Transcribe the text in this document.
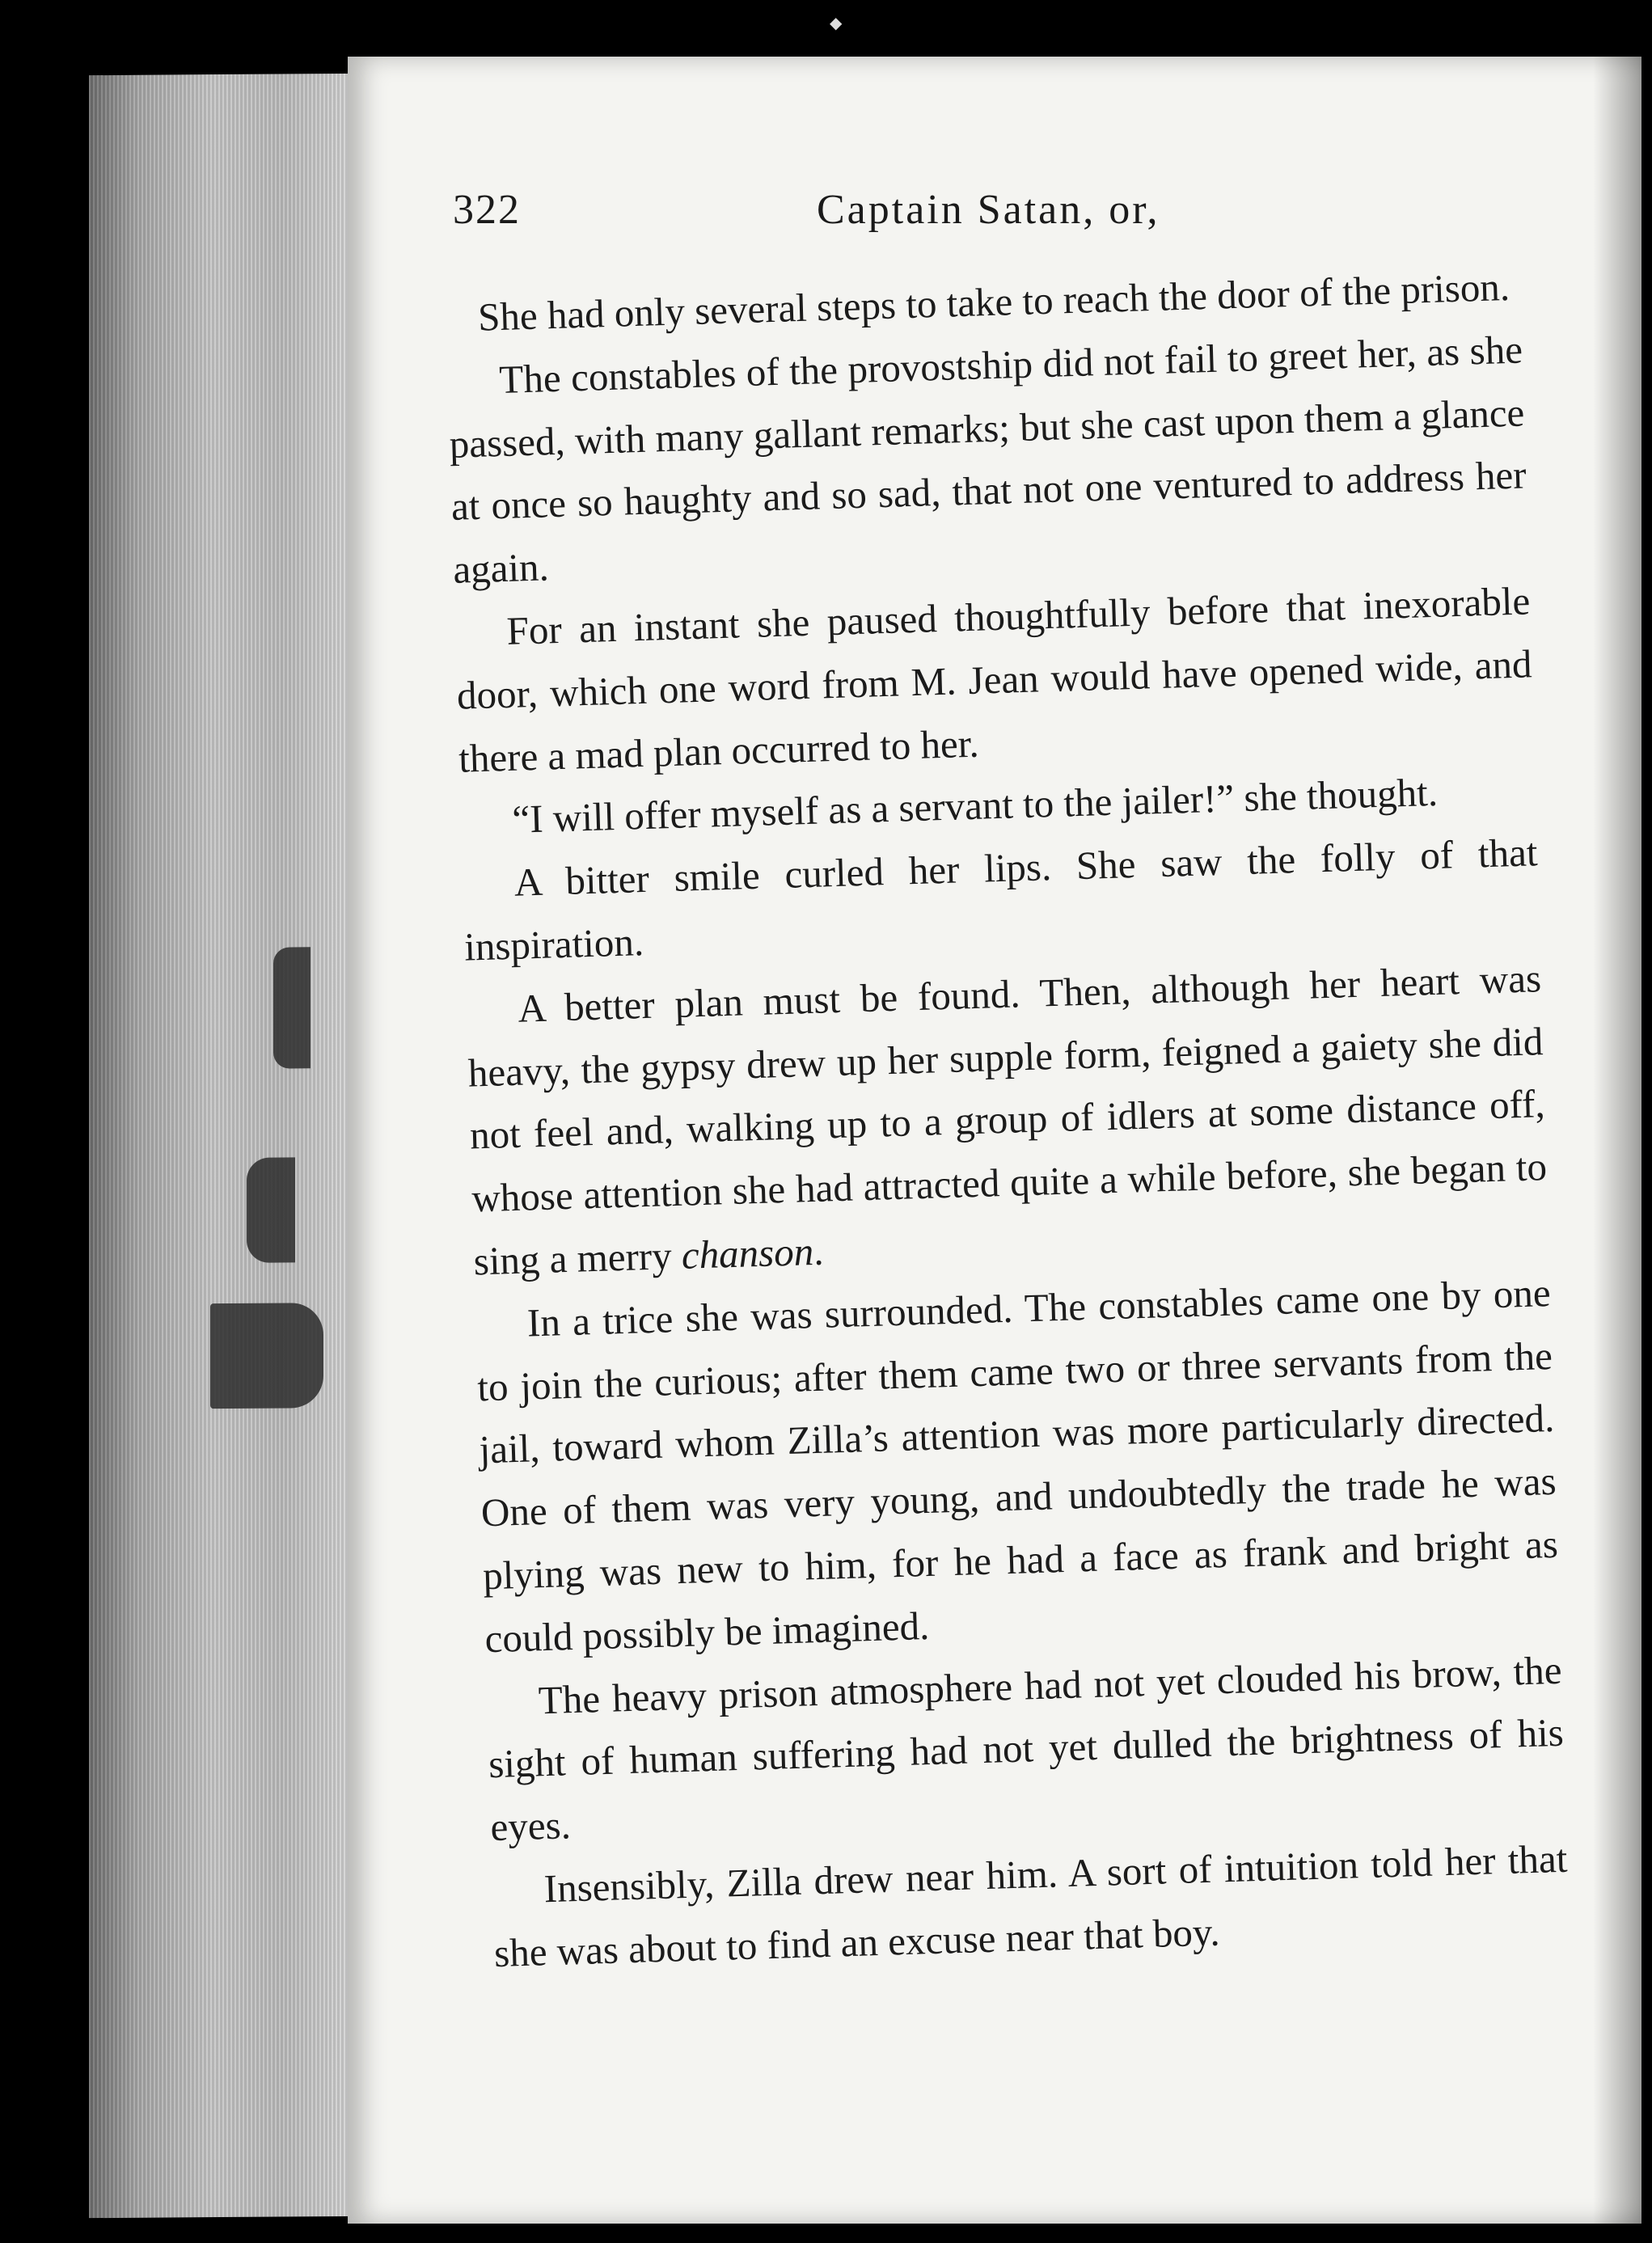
◆
322	Captain Satan, or,

She had only several steps to take to reach the door of the prison.

The constables of the provostship did not fail to greet her, as she passed, with many gallant remarks; but she cast upon them a glance at once so haughty and so sad, that not one ventured to address her again.

For an instant she paused thoughtfully before that inexorable door, which one word from M. Jean would have opened wide, and there a mad plan occurred to her.

“I will offer myself as a servant to the jailer!” she thought.

A bitter smile curled her lips. She saw the folly of that inspiration.

A better plan must be found. Then, although her heart was heavy, the gypsy drew up her supple form, feigned a gaiety she did not feel and, walking up to a group of idlers at some distance off, whose attention she had attracted quite a while before, she began to sing a merry chanson.

In a trice she was surrounded. The constables came one by one to join the curious; after them came two or three servants from the jail, toward whom Zilla’s attention was more particularly directed. One of them was very young, and undoubtedly the trade he was plying was new to him, for he had a face as frank and bright as could possibly be imagined.

The heavy prison atmosphere had not yet clouded his brow, the sight of human suffering had not yet dulled the brightness of his eyes.

Insensibly, Zilla drew near him. A sort of intuition told her that she was about to find an excuse near that boy.
